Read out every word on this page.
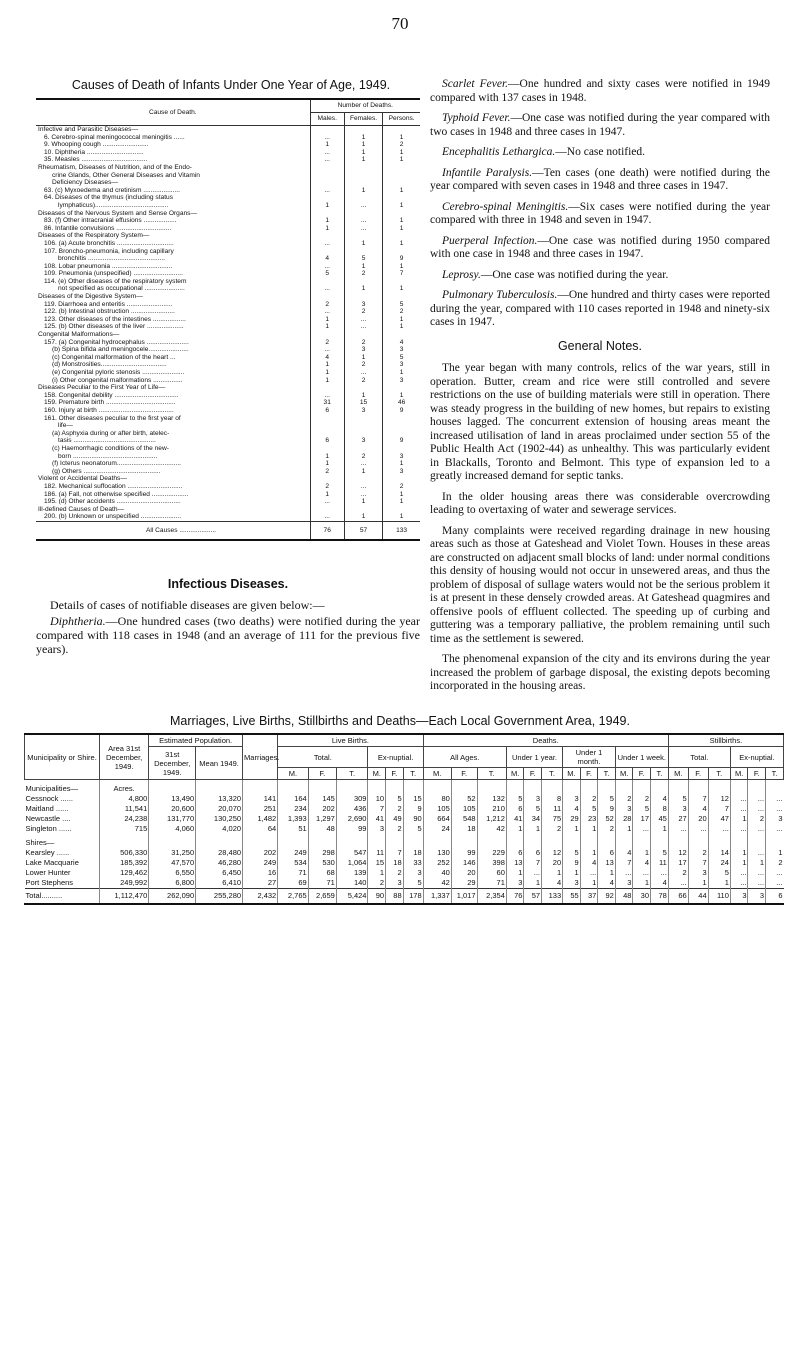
70
Causes of Death of Infants Under One Year of Age, 1949.
Cause of Death.	Number of Deaths.		
	Males.	Females.	Persons.
Infective and Parasitic Diseases—			
6. Cerebro-spinal meningococcal meningitis ......	...	1	1
9. Whooping cough .........................	1	1	2
10. Diphtheria ...............................	...	1	1
35. Measles ....................................	...	1	1
Rheumatism, Diseases of Nutrition, and of the Endo-			
crine Glands, Other General Diseases and Vitamin			
Deficiency Diseases—			
63. (c) Myxoedema and cretinism ....................	...	1	1
64. Diseases of the thymus (including status			
lymphaticus)........................................	1	...	1
Diseases of the Nervous System and Sense Organs—			
83. (f) Other intracranial effusions ..................	1	...	1
86. Infantile convulsions ..............................	1	...	1
Diseases of the Respiratory System—			
106. (a) Acute bronchitis ...............................	...	1	1
107. Broncho-pneumonia, including capillary			
bronchitis ..........................................	4	5	9
108. Lobar pneumonia .................................	...	1	1
109. Pneumonia (unspecified) ...........................	5	2	7
114. (e) Other diseases of the respiratory system			
not specified as occupational ......................	...	1	1
Diseases of the Digestive System—			
119. Diarrhoea and enteritis .........................	2	3	5
122. (b) Intestinal obstruction ........................	...	2	2
123. Other diseases of the intestines ..................	1	...	1
125. (b) Other diseases of the liver ....................	1	...	1
Congenital Malformations—			
157. (a) Congenital hydrocephalus .......................	2	2	4
(b) Spina bifida and meningocele......................	...	3	3
(c) Congenital malformation of the heart ...	4	1	5
(d) Monstrosities....................................	1	2	3
(e) Congenital pyloric stenosis .......................	1	...	1
(i) Other congenital malformations ................	1	2	3
Diseases Peculiar to the First Year of Life—			
158. Congenital debility ...................................	...	1	1
159. Premature birth ......................................	31	15	46
160. Injury at birth .........................................	6	3	9
161. Other diseases peculiar to the first year of			
life—			
(a) Asphyxia during or after birth, atelec-			
tasis .............................................	6	3	9
(c) Haemorrhagic conditions of the new-			
born ..............................................	1	2	3
(f) Icterus neonatorum...................................	1	...	1
(g) Others ..........................................	2	1	3
Violent or Accidental Deaths—			
182. Mechanical suffocation ..............................	2	...	2
186. (a) Fall, not otherwise specified ....................	1	...	1
195. (d) Other accidents ...................................	...	1	1
Ill-defined Causes of Death—			
200. (b) Unknown or unspecified ......................	...	1	1
All Causes ....................	76	57	133
Infectious Diseases.

Details of cases of notifiable diseases are given below:—

Diphtheria.—One hundred cases (two deaths) were notified during the year compared with 118 cases in 1948 (and an average of 111 for the previous five years).

Scarlet Fever.—One hundred and sixty cases were notified in 1949 compared with 137 cases in 1948.

Typhoid Fever.—One case was notified during the year compared with two cases in 1948 and three cases in 1947.

Encephalitis Lethargica.—No case notified.

Infantile Paralysis.—Ten cases (one death) were notified during the year compared with seven cases in 1948 and three cases in 1947.

Cerebro-spinal Meningitis.—Six cases were notified during the year compared with three in 1948 and seven in 1947.

Puerperal Infection.—One case was notified during 1950 compared with one case in 1948 and three cases in 1947.

Leprosy.—One case was notified during the year.

Pulmonary Tuberculosis.—One hundred and thirty cases were reported during the year, compared with 110 cases reported in 1948 and ninety-six cases in 1947.

General Notes.

The year began with many controls, relics of the war years, still in operation. Butter, cream and rice were still controlled and severe restrictions on the use of building materials were still in operation. There was steady progress in the building of new homes, but repairs to existing houses lagged. The concurrent extension of housing areas meant the increased utilisation of land in areas proclaimed under section 55 of the Public Health Act (1902-44) as unhealthy. This was particularly evident in Blackalls, Toronto and Belmont. This type of expansion led to a greatly increased demand for septic tanks.

In the older housing areas there was considerable overcrowding leading to overtaxing of water and sewerage services.

Many complaints were received regarding drainage in new housing areas such as those at Gateshead and Violet Town. Houses in these areas are constructed on adjacent small blocks of land: under normal conditions this density of housing would not occur in unsewered areas, and thus the problem of disposal of sullage waters would not be the serious problem it is at present in these densely crowded areas. At Gateshead quagmires and offensive pools of effluent collected. The speeding up of curbing and guttering was a temporary palliative, the problem remaining until such time as the settlement is sewered.

The phenomenal expansion of the city and its environs during the year increased the problem of garbage disposal, the existing depots becoming incorporated in the housing areas.

Marriages, Live Births, Stillbirths and Deaths—Each Local Government Area, 1949.
Municipality or Shire.	Area 31st December, 1949.	Estimated Population.		Marriages.	Live Births.						Deaths.												Stillbirths.					
		31st December, 1949.	Mean 1949.		Total.			Ex-nuptial.			All Ages.			Under 1 year.			Under 1 month.			Under 1 week.			Total.			Ex-nuptial.		
					M.	F.	T.	M.	F.	T.	M.	F.	T.	M.	F.	T.	M.	F.	T.	M.	F.	T.	M.	F.	T.	M.	F.	T.
Municipalities—	Acres.																											
Cessnock ......	4,800	13,490	13,320	141	164	145	309	10	5	15	80	52	132	5	3	8	3	2	5	2	2	4	5	7	12	...	...	...
Maitland ......	11,541	20,600	20,070	251	234	202	436	7	2	9	105	105	210	6	5	11	4	5	9	3	5	8	3	4	7	...	...	...
Newcastle ....	24,238	131,770	130,250	1,482	1,393	1,297	2,690	41	49	90	664	548	1,212	41	34	75	29	23	52	28	17	45	27	20	47	1	2	3
Singleton ......	715	4,060	4,020	64	51	48	99	3	2	5	24	18	42	1	1	2	1	1	2	1	...	1	...	...	...	...	...	...
Shires—																												
Kearsley ......	506,330	31,250	28,480	202	249	298	547	11	7	18	130	99	229	6	6	12	5	1	6	4	1	5	12	2	14	1	...	1
Lake Macquarie	185,392	47,570	46,280	249	534	530	1,064	15	18	33	252	146	398	13	7	20	9	4	13	7	4	11	17	7	24	1	1	2
Lower Hunter	129,462	6,550	6,450	16	71	68	139	1	2	3	40	20	60	1	...	1	1	...	1	...	...	...	2	3	5	...	...	...
Port Stephens	249,992	6,800	6,410	27	69	71	140	2	3	5	42	29	71	3	1	4	3	1	4	3	1	4	...	1	1	...	...	...
Total..........	1,112,470	262,090	255,280	2,432	2,765	2,659	5,424	90	88	178	1,337	1,017	2,354	76	57	133	55	37	92	48	30	78	66	44	110	3	3	6
